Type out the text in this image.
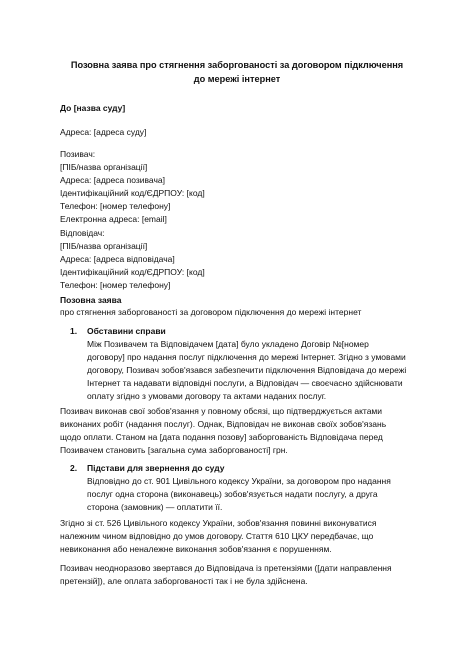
Позовна заява про стягнення заборгованості за договором підключення
до мережі інтернет
До [назва суду]
Адреса: [адреса суду]
Позивач:
[ПІБ/назва організації]
Адреса: [адреса позивача]
Ідентифікаційний код/ЄДРПОУ: [код]
Телефон: [номер телефону]
Електронна адреса: [email]
Відповідач:
[ПІБ/назва організації]
Адреса: [адреса відповідача]
Ідентифікаційний код/ЄДРПОУ: [код]
Телефон: [номер телефону]
Позовна заява
про стягнення заборгованості за договором підключення до мережі інтернет
1.	Обставини справи
Між Позивачем та Відповідачем [дата] було укладено Договір №[номер
договору] про надання послуг підключення до мережі Інтернет. Згідно з умовами
договору, Позивач зобов'язався забезпечити підключення Відповідача до мережі
Інтернет та надавати відповідні послуги, а Відповідач — своєчасно здійснювати
оплату згідно з умовами договору та актами наданих послуг.
Позивач виконав свої зобов'язання у повному обсязі, що підтверджується актами
виконаних робіт (надання послуг). Однак, Відповідач не виконав своїх зобов'язань
щодо оплати. Станом на [дата подання позову] заборгованість Відповідача перед
Позивачем становить [загальна сума заборгованості] грн.
2.	Підстави для звернення до суду
Відповідно до ст. 901 Цивільного кодексу України, за договором про надання
послуг одна сторона (виконавець) зобов'язується надати послугу, а друга
сторона (замовник) — оплатити її.
Згідно зі ст. 526 Цивільного кодексу України, зобов'язання повинні виконуватися
належним чином відповідно до умов договору. Стаття 610 ЦКУ передбачає, що
невиконання або неналежне виконання зобов'язання є порушенням.
Позивач неодноразово звертався до Відповідача із претензіями ([дати направлення
претензій]), але оплата заборгованості так і не була здійснена.
